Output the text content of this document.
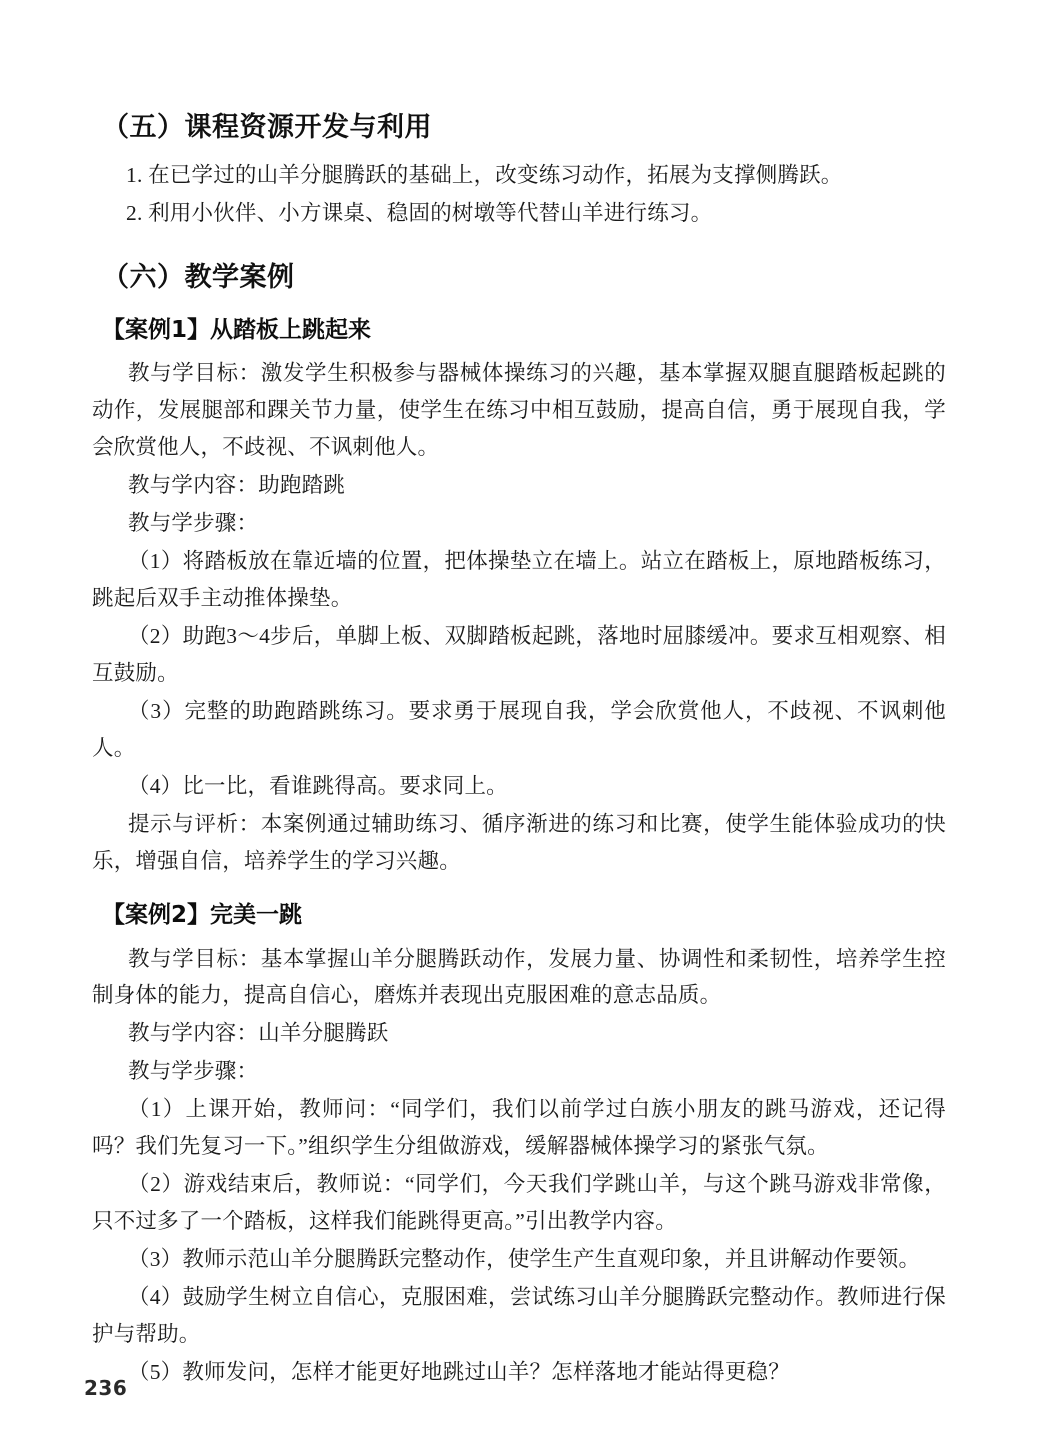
（五）课程资源开发与利用

1. 在已学过的山羊分腿腾跃的基础上，改变练习动作，拓展为支撑侧腾跃。

2. 利用小伙伴、小方课桌、稳固的树墩等代替山羊进行练习。

（六）教学案例
【案例1】从踏板上跳起来

教与学目标：激发学生积极参与器械体操练习的兴趣，基本掌握双腿直腿踏板起跳的动作，发展腿部和踝关节力量，使学生在练习中相互鼓励，提高自信，勇于展现自我，学会欣赏他人，不歧视、不讽刺他人。

教与学内容：助跑踏跳

教与学步骤：

（1）将踏板放在靠近墙的位置，把体操垫立在墙上。站立在踏板上，原地踏板练习，跳起后双手主动推体操垫。

（2）助跑3～4步后，单脚上板、双脚踏板起跳，落地时屈膝缓冲。要求互相观察、相互鼓励。

（3）完整的助跑踏跳练习。要求勇于展现自我，学会欣赏他人，不歧视、不讽刺他人。

（4）比一比，看谁跳得高。要求同上。

提示与评析：本案例通过辅助练习、循序渐进的练习和比赛，使学生能体验成功的快乐，增强自信，培养学生的学习兴趣。

【案例2】完美一跳

教与学目标：基本掌握山羊分腿腾跃动作，发展力量、协调性和柔韧性，培养学生控制身体的能力，提高自信心，磨炼并表现出克服困难的意志品质。

教与学内容：山羊分腿腾跃

教与学步骤：

（1）上课开始，教师问：“同学们，我们以前学过白族小朋友的跳马游戏，还记得吗？我们先复习一下。”组织学生分组做游戏，缓解器械体操学习的紧张气氛。

（2）游戏结束后，教师说：“同学们，今天我们学跳山羊，与这个跳马游戏非常像，只不过多了一个踏板，这样我们能跳得更高。”引出教学内容。

（3）教师示范山羊分腿腾跃完整动作，使学生产生直观印象，并且讲解动作要领。

（4）鼓励学生树立自信心，克服困难，尝试练习山羊分腿腾跃完整动作。教师进行保护与帮助。

（5）教师发问，怎样才能更好地跳过山羊？怎样落地才能站得更稳？

236
